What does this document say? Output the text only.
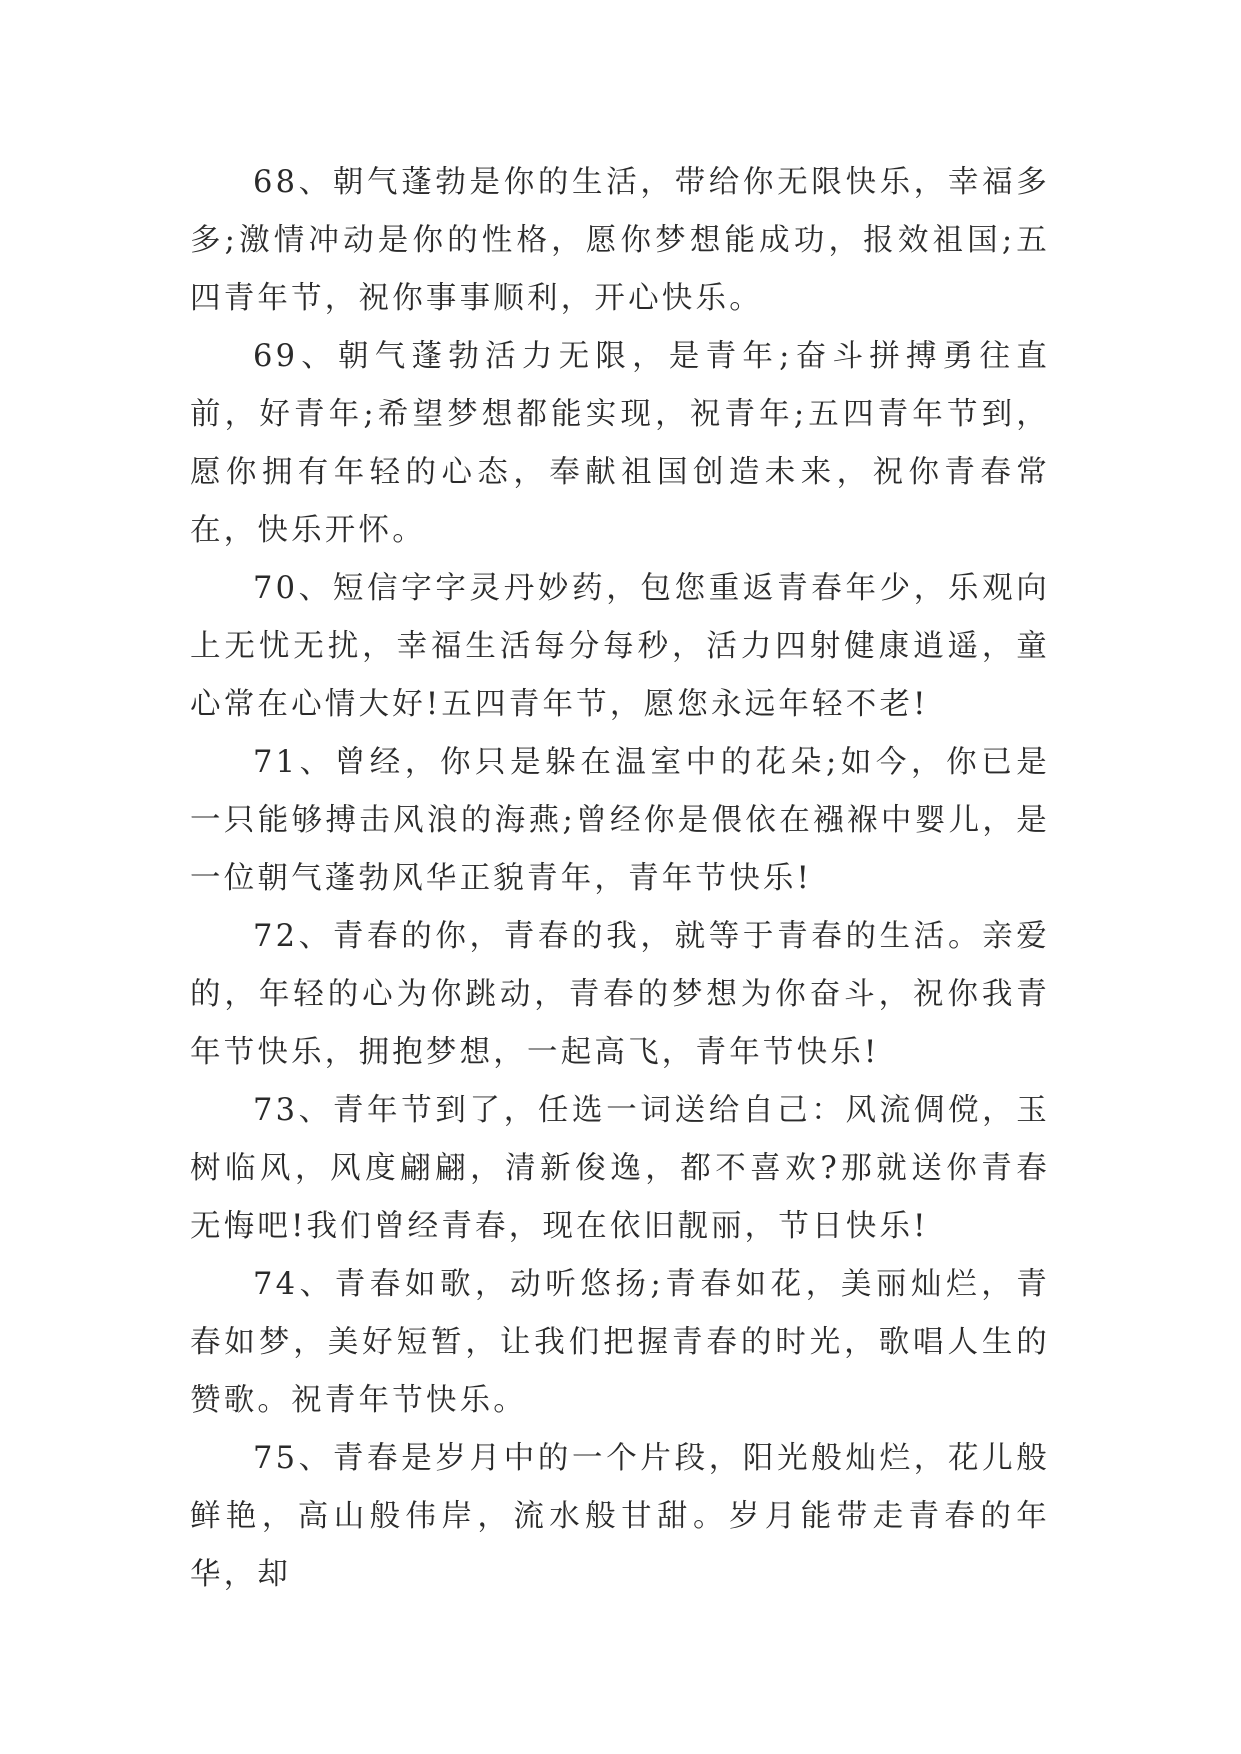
68、朝气蓬勃是你的生活，带给你无限快乐，幸福多多;激情冲动是你的性格，愿你梦想能成功，报效祖国;五四青年节，祝你事事顺利，开心快乐。

69、朝气蓬勃活力无限，是青年;奋斗拼搏勇往直前，好青年;希望梦想都能实现，祝青年;五四青年节到，愿你拥有年轻的心态，奉献祖国创造未来，祝你青春常在，快乐开怀。

70、短信字字灵丹妙药，包您重返青春年少，乐观向上无忧无扰，幸福生活每分每秒，活力四射健康逍遥，童心常在心情大好!五四青年节，愿您永远年轻不老!

71、曾经，你只是躲在温室中的花朵;如今，你已是一只能够搏击风浪的海燕;曾经你是偎依在襁褓中婴儿，是一位朝气蓬勃风华正貌青年，青年节快乐!

72、青春的你，青春的我，就等于青春的生活。亲爱的，年轻的心为你跳动，青春的梦想为你奋斗，祝你我青年节快乐，拥抱梦想，一起高飞，青年节快乐!

73、青年节到了，任选一词送给自己：风流倜傥，玉树临风，风度翩翩，清新俊逸，都不喜欢?那就送你青春无悔吧!我们曾经青春，现在依旧靓丽，节日快乐!

74、青春如歌，动听悠扬;青春如花，美丽灿烂，青春如梦，美好短暂，让我们把握青春的时光，歌唱人生的赞歌。祝青年节快乐。

75、青春是岁月中的一个片段，阳光般灿烂，花儿般鲜艳，高山般伟岸，流水般甘甜。岁月能带走青春的年华，却
